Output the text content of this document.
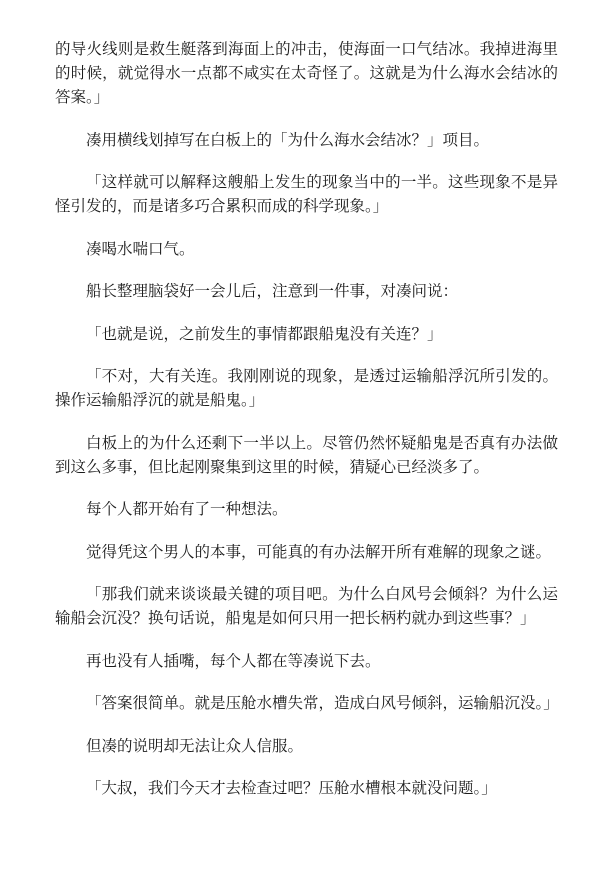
的导火线则是救生艇落到海面上的冲击，使海面一口气结冰。我掉进海里的时候，就觉得水一点都不咸实在太奇怪了。这就是为什么海水会结冰的答案。」

凑用横线划掉写在白板上的「为什么海水会结冰？」项目。

「这样就可以解释这艘船上发生的现象当中的一半。这些现象不是异怪引发的，而是诸多巧合累积而成的科学现象。」

凑喝水喘口气。

船长整理脑袋好一会儿后，注意到一件事，对凑问说：

「也就是说，之前发生的事情都跟船鬼没有关连？」

「不对，大有关连。我刚刚说的现象，是透过运输船浮沉所引发的。操作运输船浮沉的就是船鬼。」

白板上的为什么还剩下一半以上。尽管仍然怀疑船鬼是否真有办法做到这么多事，但比起刚聚集到这里的时候，猜疑心已经淡多了。

每个人都开始有了一种想法。

觉得凭这个男人的本事，可能真的有办法解开所有难解的现象之谜。

「那我们就来谈谈最关键的项目吧。为什么白风号会倾斜？为什么运输船会沉没？换句话说，船鬼是如何只用一把长柄杓就办到这些事？」

再也没有人插嘴，每个人都在等凑说下去。

「答案很简单。就是压舱水槽失常，造成白风号倾斜，运输船沉没。」

但凑的说明却无法让众人信服。

「大叔，我们今天才去检查过吧？压舱水槽根本就没问题。」
